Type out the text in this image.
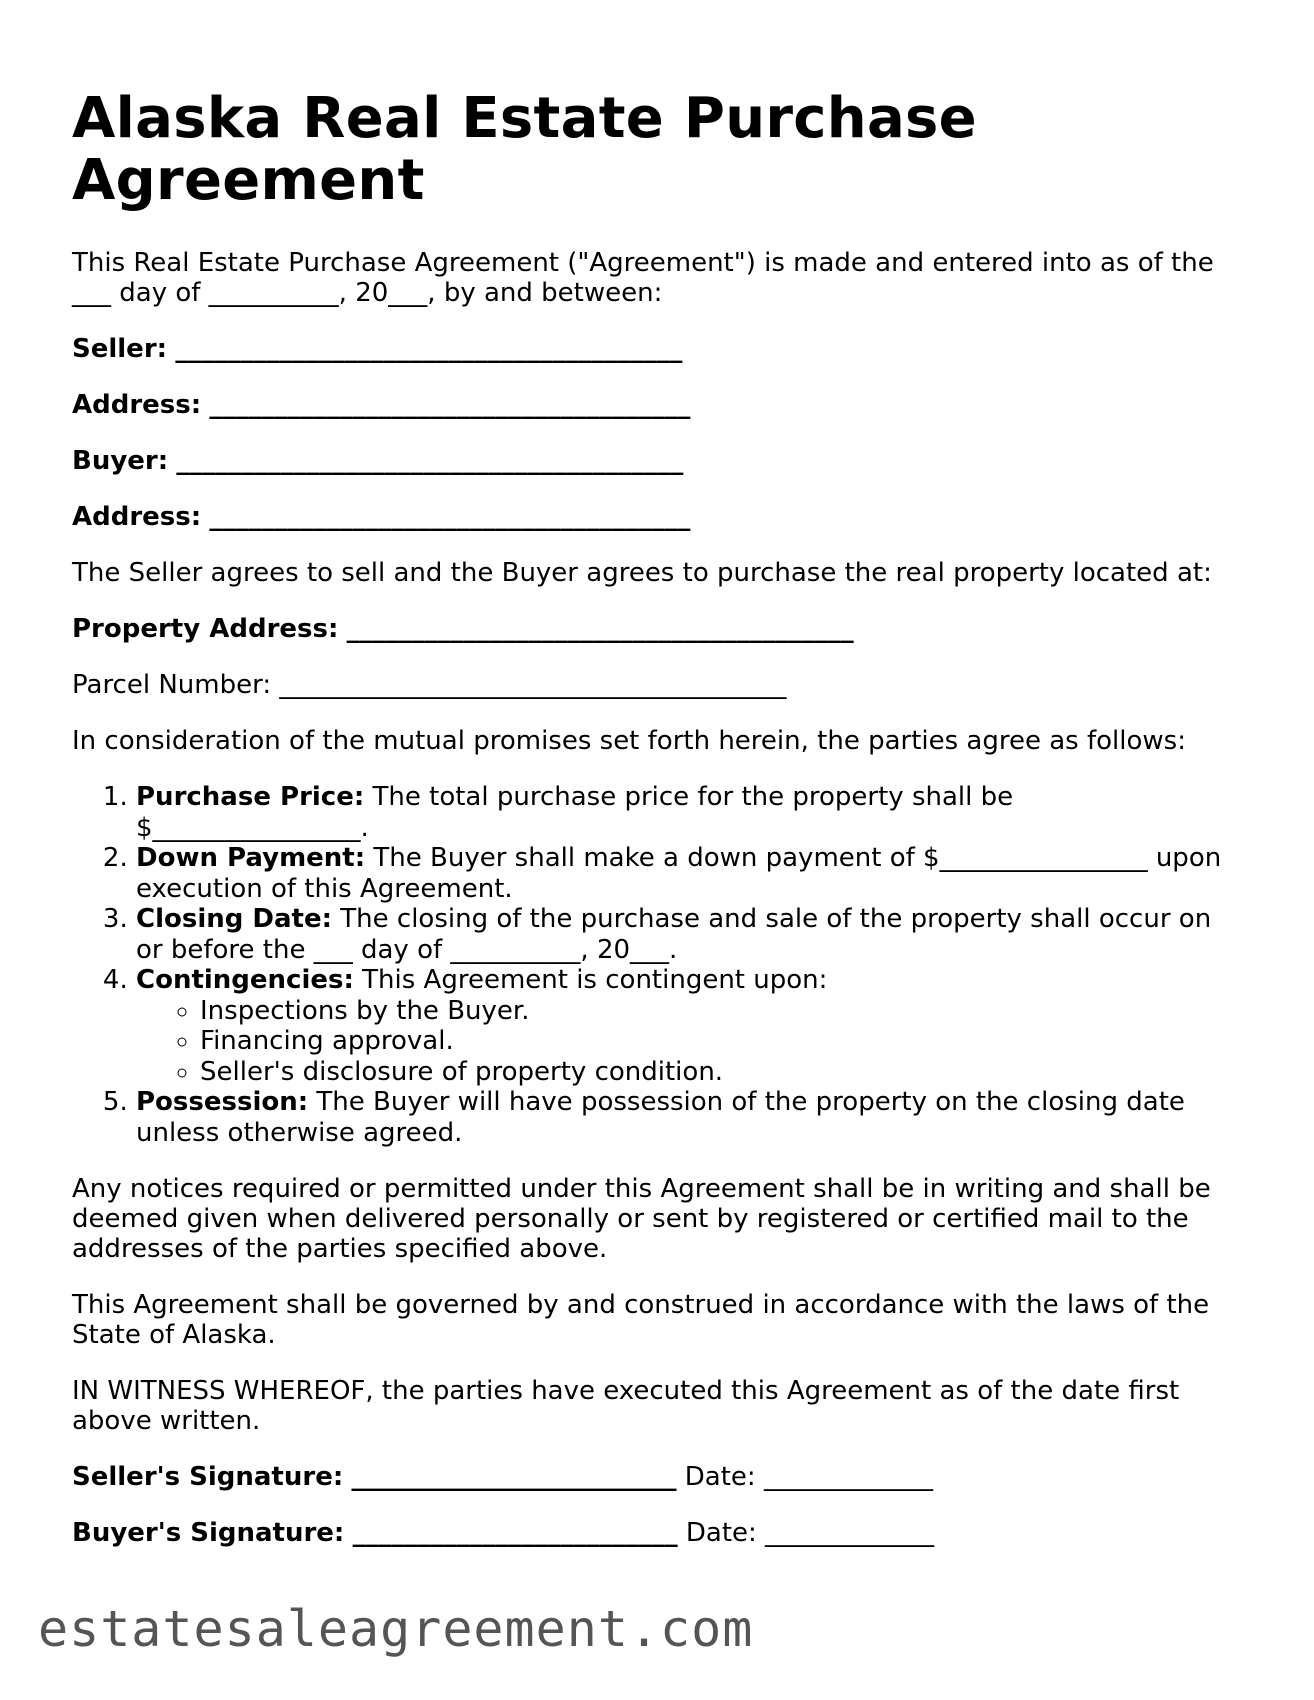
Alaska Real Estate Purchase Agreement

This Real Estate Purchase Agreement ("Agreement") is made and entered into as of the ___ day of __________, 20___, by and between:

Seller: _______________________________________

Address: _____________________________________

Buyer: _______________________________________

Address: _____________________________________

The Seller agrees to sell and the Buyer agrees to purchase the real property located at:

Property Address: _______________________________________

Parcel Number: _______________________________________

In consideration of the mutual promises set forth herein, the parties agree as follows:

1. Purchase Price: The total purchase price for the property shall be $________________.
2. Down Payment: The Buyer shall make a down payment of $________________ upon execution of this Agreement.
3. Closing Date: The closing of the purchase and sale of the property shall occur on or before the ___ day of __________, 20___.
4. Contingencies: This Agreement is contingent upon:
◦ Inspections by the Buyer.
◦ Financing approval.
◦ Seller's disclosure of property condition.
5. Possession: The Buyer will have possession of the property on the closing date unless otherwise agreed.

Any notices required or permitted under this Agreement shall be in writing and shall be deemed given when delivered personally or sent by registered or certified mail to the addresses of the parties specified above.

This Agreement shall be governed by and construed in accordance with the laws of the State of Alaska.

IN WITNESS WHEREOF, the parties have executed this Agreement as of the date first above written.

Seller's Signature: _________________________ Date: _____________

Buyer's Signature: _________________________ Date: _____________

estatesaleagreement.com
